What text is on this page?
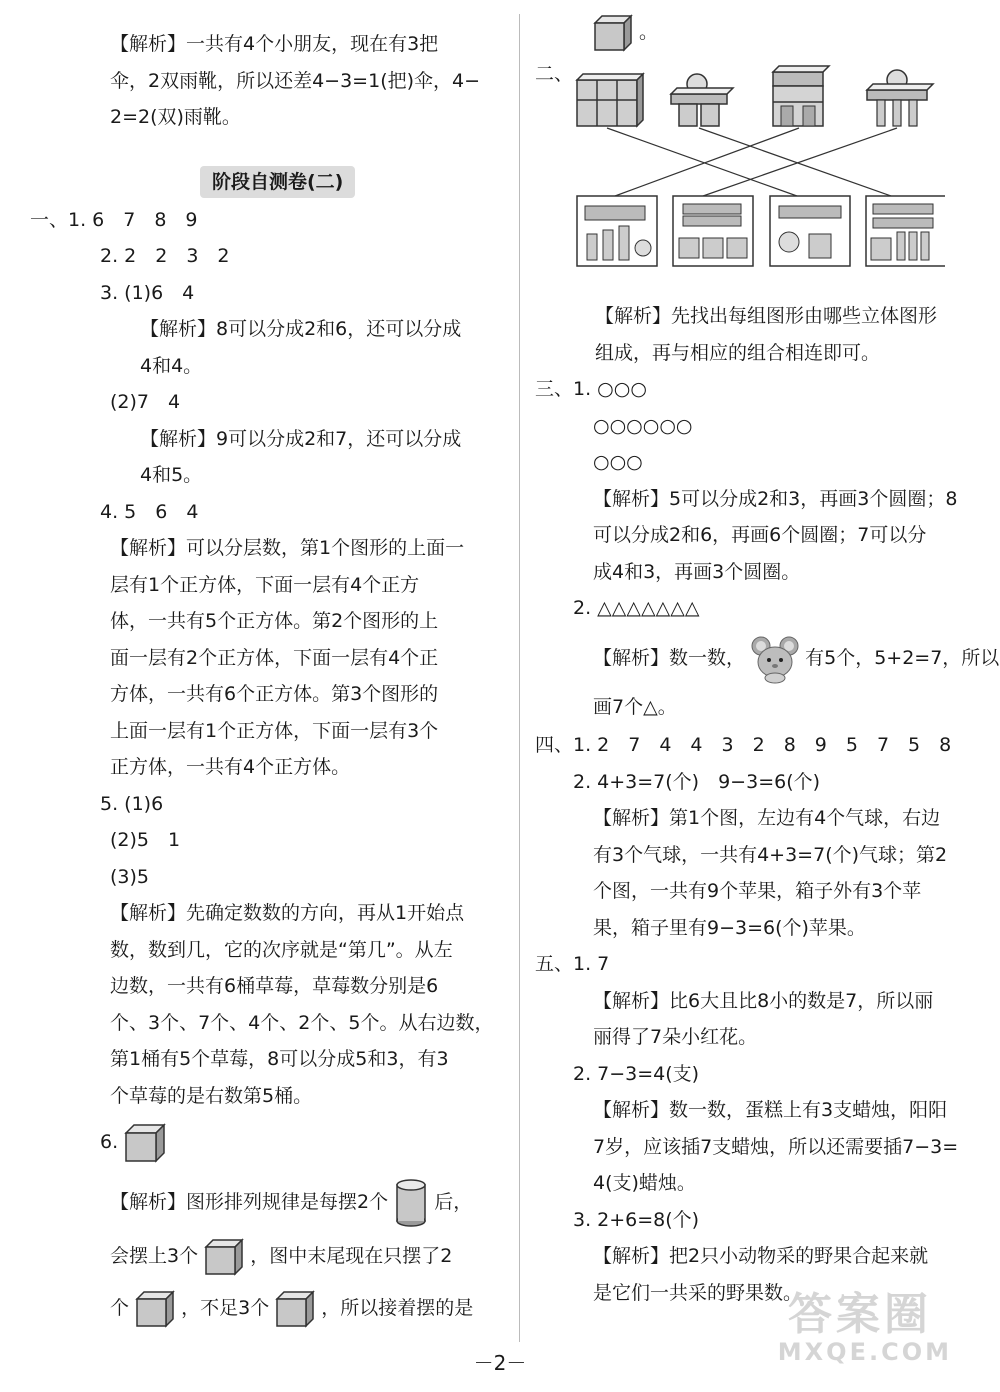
【解析】一共有4个小朋友，现在有3把
伞，2双雨靴，所以还差4−3=1(把)伞，4−
2=2(双)雨靴。
阶段自测卷(二)
一、1. 6　7　8　9
2. 2　2　3　2
3. (1)6　4
【解析】8可以分成2和6，还可以分成
4和4。
(2)7　4
【解析】9可以分成2和7，还可以分成
4和5。
4. 5　6　4
【解析】可以分层数，第1个图形的上面一
层有1个正方体，下面一层有4个正方
体，一共有5个正方体。第2个图形的上
面一层有2个正方体，下面一层有4个正
方体，一共有6个正方体。第3个图形的
上面一层有1个正方体，下面一层有3个
正方体，一共有4个正方体。
5. (1)6
(2)5　1
(3)5
【解析】先确定数数的方向，再从1开始点
数，数到几，它的次序就是“第几”。从左
边数，一共有6桶草莓，草莓数分别是6
个、3个、7个、4个、2个、5个。从右边数，
第1桶有5个草莓，8可以分成5和3，有3
个草莓的是右数第5桶。
6.
【解析】图形排列规律是每摆2个 后，
会摆上3个	，图中末尾现在只摆了2
个	，不足3个	，所以接着摆的是
。
二、
【解析】先找出每组图形由哪些立体图形
组成，再与相应的组合相连即可。
三、1. ○○○
○○○○○○
○○○
【解析】5可以分成2和3，再画3个圆圈；8
可以分成2和6，再画6个圆圈；7可以分
成4和3，再画3个圆圈。
2. △△△△△△△
【解析】数一数，	有5个，5+2=7，所以
画7个△。
四、1. 2　7　4　4　3　2　8　9　5　7　5　8
2. 4+3=7(个)　9−3=6(个)
【解析】第1个图，左边有4个气球，右边
有3个气球，一共有4+3=7(个)气球；第2
个图，一共有9个苹果，箱子外有3个苹
果，箱子里有9−3=6(个)苹果。
五、1. 7
【解析】比6大且比8小的数是7，所以丽
丽得了7朵小红花。
2. 7−3=4(支)
【解析】数一数，蛋糕上有3支蜡烛，阳阳
7岁，应该插7支蜡烛，所以还需要插7−3=
4(支)蜡烛。
3. 2+6=8(个)
【解析】把2只小动物采的野果合起来就
是它们一共采的野果数。
－2－
答案圈
MXQE.COM
